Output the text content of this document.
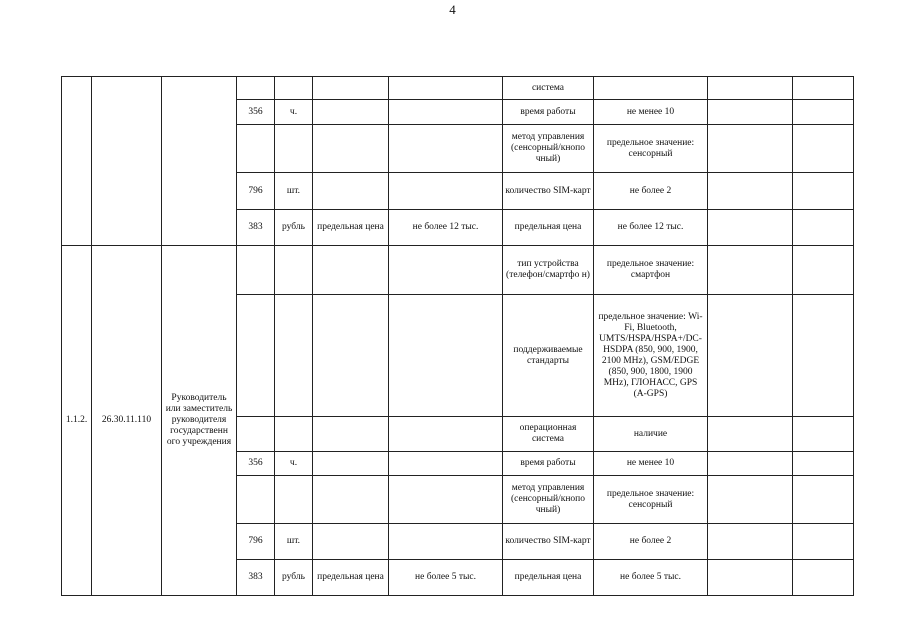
4
							система			
			356	ч.			время работы	не менее 10		
							метод управления (сенсорный/кнопо чный)	предельное значение: сенсорный		
			796	шт.			количество SIM-карт	не более 2		
			383	рубль	предельная цена	не более 12 тыс.	предельная цена	не более 12 тыс.		
1.1.2.	26.30.11.110	Руководитель или заместитель руководителя государственн ого учреждения					тип устройства (телефон/смартфо н)	предельное значение: смартфон		
							поддерживаемые стандарты	предельное значение: Wi-Fi, Bluetooth, UMTS/HSPA/HSPA+/DC-HSDPA (850, 900, 1900, 2100 MHz), GSM/EDGE (850, 900, 1800, 1900 MHz), ГЛОНАСС, GPS (A-GPS)		
							операционная система	наличие		
			356	ч.			время работы	не менее 10		
							метод управления (сенсорный/кнопо чный)	предельное значение: сенсорный		
			796	шт.			количество SIM-карт	не более 2		
			383	рубль	предельная цена	не более 5 тыс.	предельная цена	не более 5 тыс.		
